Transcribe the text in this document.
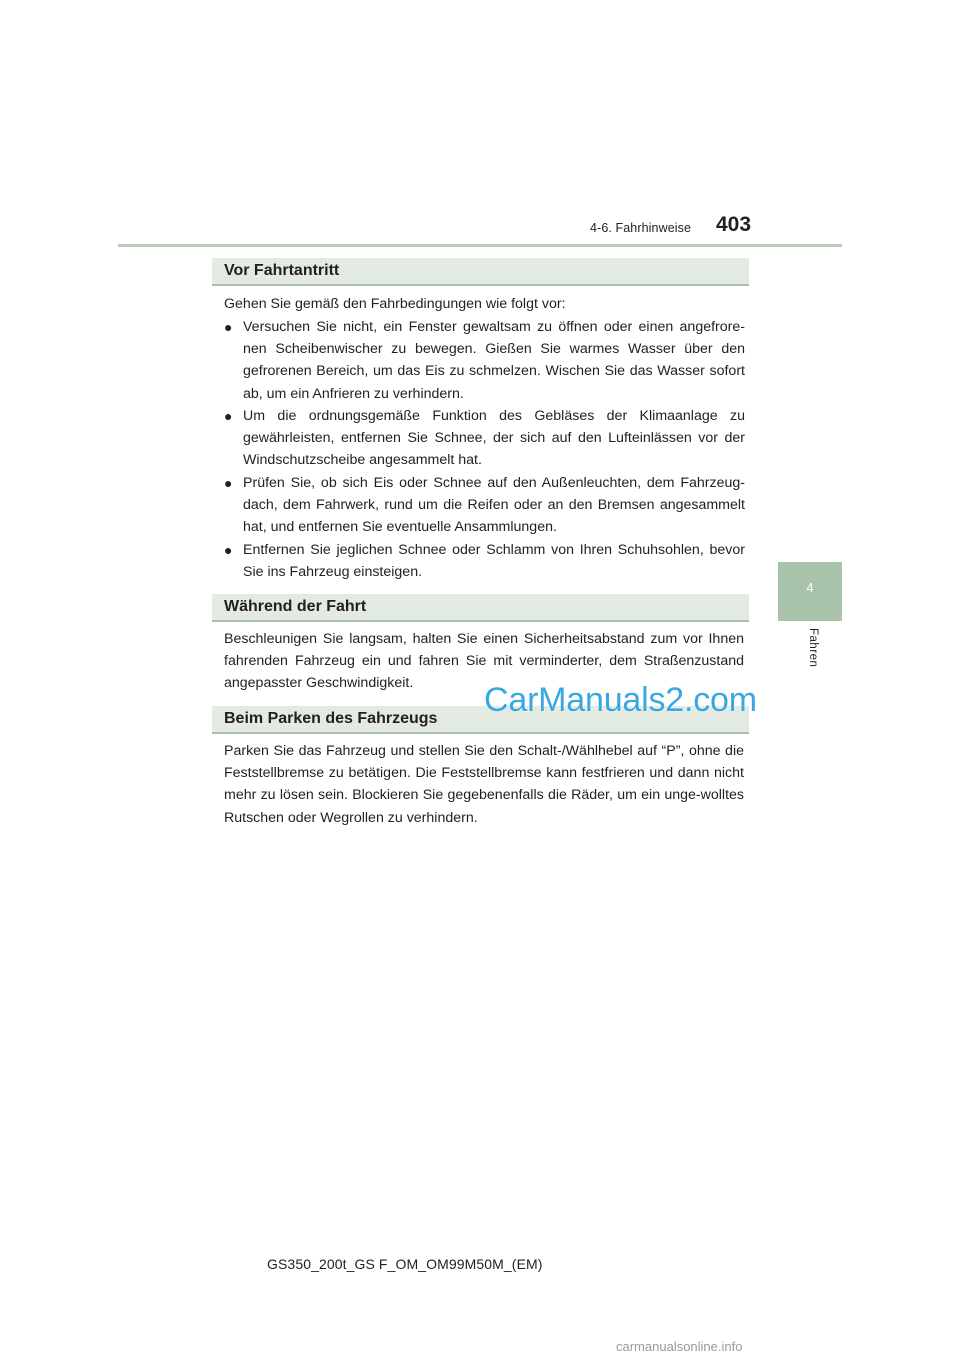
4-6. Fahrhinweise 403
4
Fahren
Vor Fahrtantritt

Gehen Sie gemäß den Fahrbedingungen wie folgt vor:

● Versuchen Sie nicht, ein Fenster gewaltsam zu öffnen oder einen angefrore-nen Scheibenwischer zu bewegen. Gießen Sie warmes Wasser über den gefrorenen Bereich, um das Eis zu schmelzen. Wischen Sie das Wasser sofort ab, um ein Anfrieren zu verhindern.
● Um die ordnungsgemäße Funktion des Gebläses der Klimaanlage zu gewährleisten, entfernen Sie Schnee, der sich auf den Lufteinlässen vor der Windschutzscheibe angesammelt hat.
● Prüfen Sie, ob sich Eis oder Schnee auf den Außenleuchten, dem Fahrzeug-dach, dem Fahrwerk, rund um die Reifen oder an den Bremsen angesammelt hat, und entfernen Sie eventuelle Ansammlungen.
● Entfernen Sie jeglichen Schnee oder Schlamm von Ihren Schuhsohlen, bevor Sie ins Fahrzeug einsteigen.
Während der Fahrt

Beschleunigen Sie langsam, halten Sie einen Sicherheitsabstand zum vor Ihnen fahrenden Fahrzeug ein und fahren Sie mit verminderter, dem Straßenzustand angepasster Geschwindigkeit.

Beim Parken des Fahrzeugs

Parken Sie das Fahrzeug und stellen Sie den Schalt-/Wählhebel auf “P”, ohne die Feststellbremse zu betätigen. Die Feststellbremse kann festfrieren und dann nicht mehr zu lösen sein. Blockieren Sie gegebenenfalls die Räder, um ein unge-wolltes Rutschen oder Wegrollen zu verhindern.

CarManuals2.com
GS350_200t_GS F_OM_OM99M50M_(EM)
carmanualsonline.info
